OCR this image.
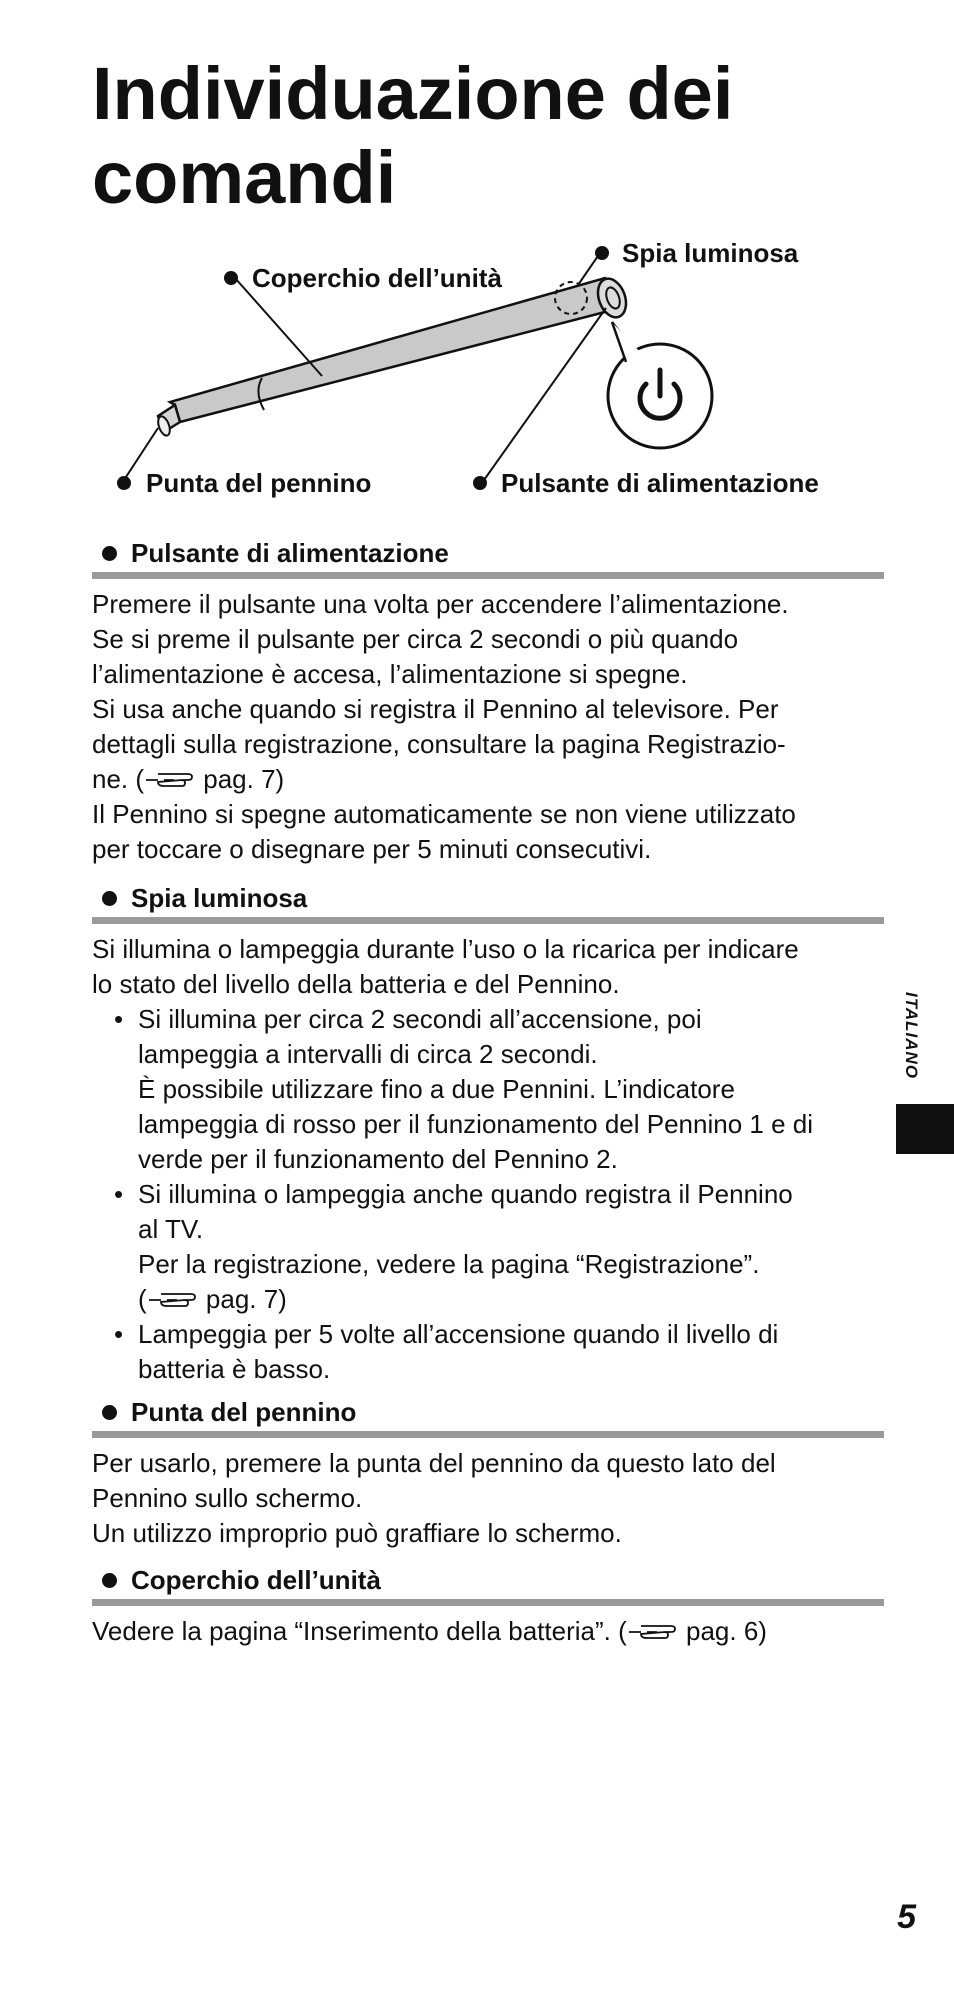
Individuazione dei comandi
Panasonic
Coperchio dell’unità
Spia luminosa
Punta del pennino	Pulsante di alimentazione
Pulsante di alimentazione

Premere il pulsante una volta per accendere l’alimentazione.

Se si preme il pulsante per circa 2 secondi o più quando

l’alimentazione è accesa, l’alimentazione si spegne.

Si usa anche quando si registra il Pennino al televisore. Per

dettagli sulla registrazione, consultare la pagina Registrazio-

ne. ( pag. 7)

Il Pennino si spegne automaticamente se non viene utilizzato

per toccare o disegnare per 5 minuti consecutivi.

Spia luminosa

Si illumina o lampeggia durante l’uso o la ricarica per indicare

lo stato del livello della batteria e del Pennino.

• Si illumina per circa 2 secondi all’accensione, poi
lampeggia a intervalli di circa 2 secondi.
È possibile utilizzare fino a due Pennini. L’indicatore
lampeggia di rosso per il funzionamento del Pennino 1 e di
verde per il funzionamento del Pennino 2.
• Si illumina o lampeggia anche quando registra il Pennino
al TV.
Per la registrazione, vedere la pagina “Registrazione”.
( pag. 7)
• Lampeggia per 5 volte all’accensione quando il livello di
batteria è basso.
Punta del pennino

Per usarlo, premere la punta del pennino da questo lato del

Pennino sullo schermo.

Un utilizzo improprio può graffiare lo schermo.

Coperchio dell’unità

Vedere la pagina “Inserimento della batteria”. ( pag. 6)

ITALIANO
5
